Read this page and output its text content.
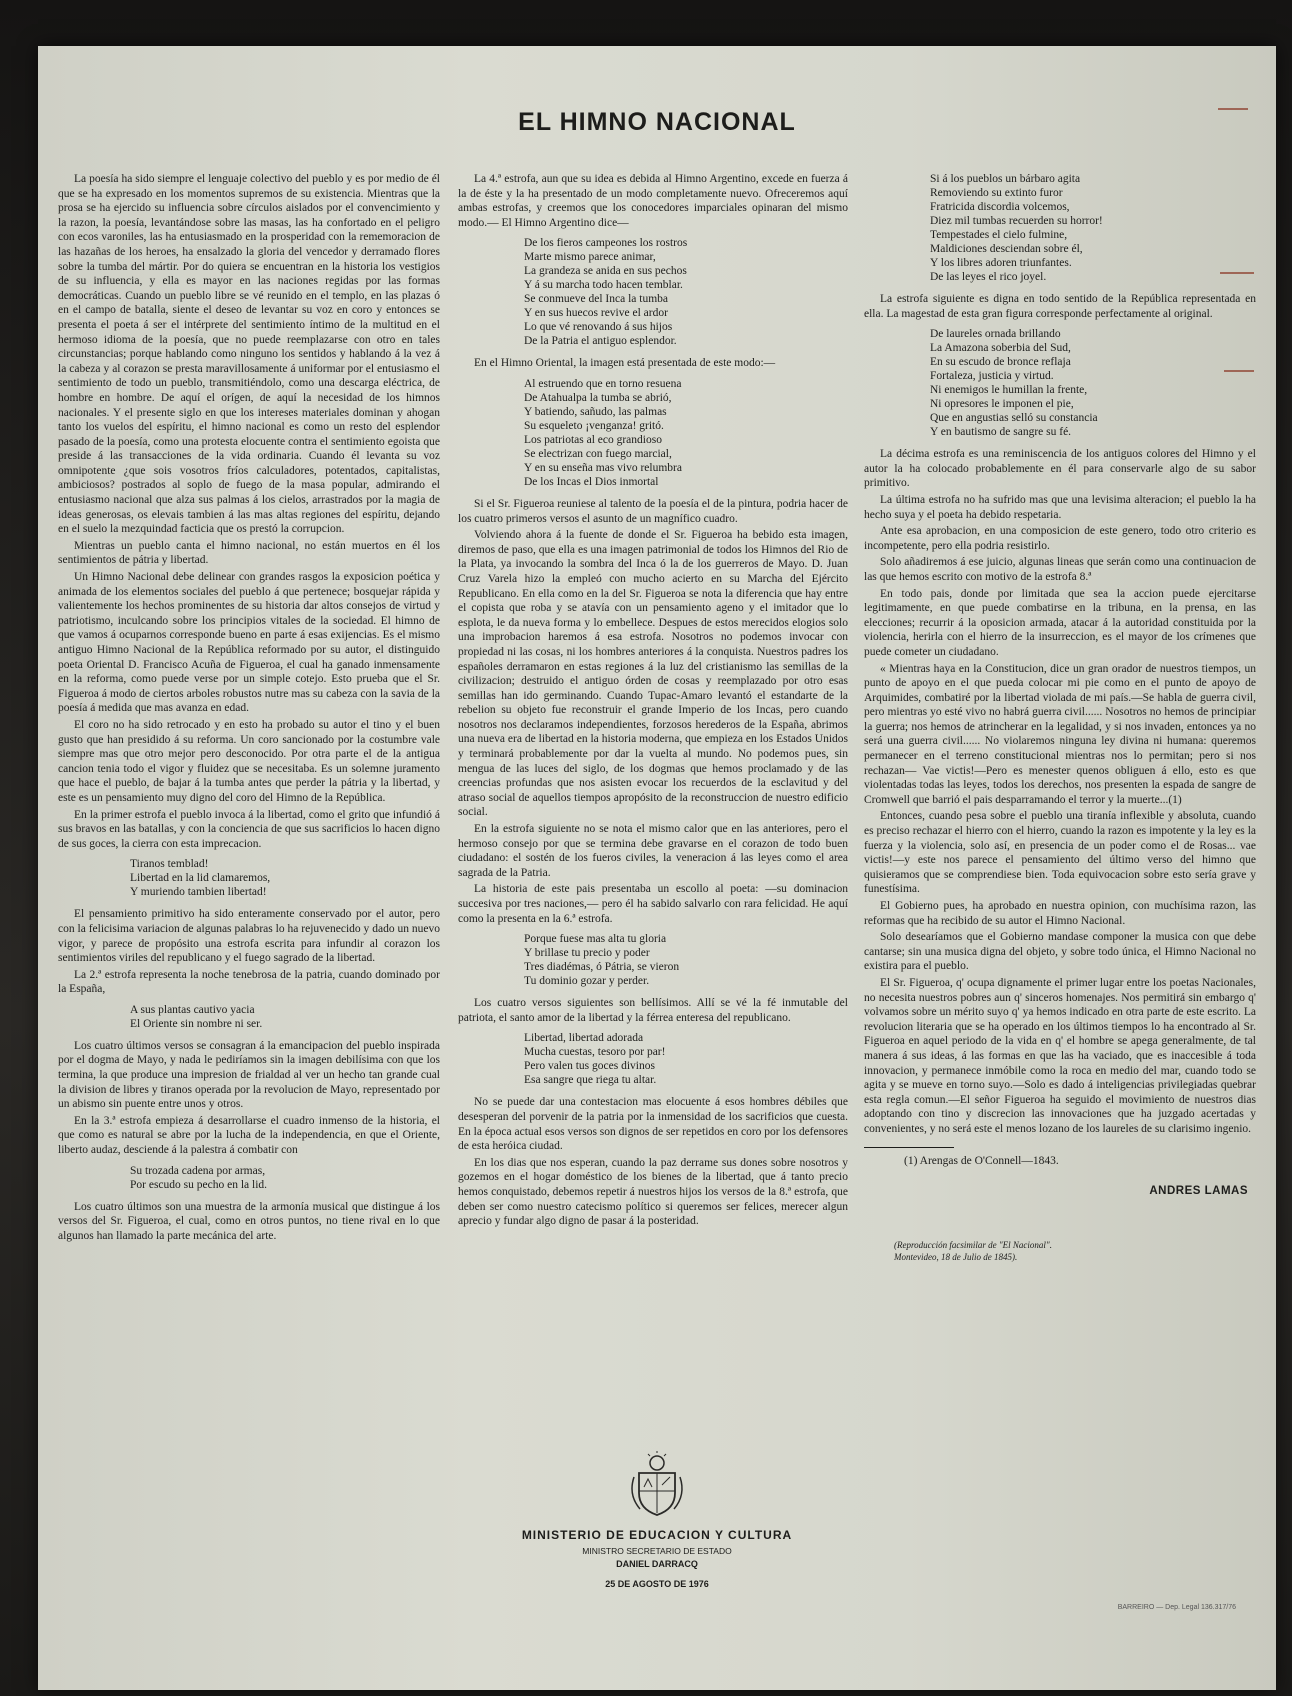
EL HIMNO NACIONAL

La poesía ha sido siempre el lenguaje colectivo del pueblo y es por medio de él que se ha expresado en los momentos supremos de su existencia. Mientras que la prosa se ha ejercido su influencia sobre círculos aislados por el convencimiento y la razon, la poesía, levantándose sobre las masas, las ha confortado en el peligro con ecos varoniles, las ha entusiasmado en la prosperidad con la rememoracion de las hazañas de los heroes, ha ensalzado la gloria del vencedor y derramado flores sobre la tumba del mártir. Por do quiera se encuentran en la historia los vestigios de su influencia, y ella es mayor en las naciones regidas por las formas democráticas. Cuando un pueblo libre se vé reunido en el templo, en las plazas ó en el campo de batalla, siente el deseo de levantar su voz en coro y entonces se presenta el poeta á ser el intérprete del sentimiento íntimo de la multitud en el hermoso idioma de la poesía, que no puede reemplazarse con otro en tales circunstancias; porque hablando como ninguno los sentidos y hablando á la vez á la cabeza y al corazon se presta maravillosamente á uniformar por el entusiasmo el sentimiento de todo un pueblo, transmitiéndolo, como una descarga eléctrica, de hombre en hombre. De aquí el orígen, de aquí la necesidad de los himnos nacionales. Y el presente siglo en que los intereses materiales dominan y ahogan tanto los vuelos del espíritu, el himno nacional es como un resto del esplendor pasado de la poesía, como una protesta elocuente contra el sentimiento egoista que preside á las transacciones de la vida ordinaria. Cuando él levanta su voz omnipotente ¿que sois vosotros fríos calculadores, potentados, capitalistas, ambiciosos? postrados al soplo de fuego de la masa popular, admirando el entusiasmo nacional que alza sus palmas á los cielos, arrastrados por la magia de ideas generosas, os elevais tambien á las mas altas regiones del espíritu, dejando en el suelo la mezquindad facticia que os prestó la corrupcion.

Mientras un pueblo canta el himno nacional, no están muertos en él los sentimientos de pátria y libertad.

Un Himno Nacional debe delinear con grandes rasgos la exposicion poética y animada de los elementos sociales del pueblo á que pertenece; bosquejar rápida y valientemente los hechos prominentes de su historia dar altos consejos de virtud y patriotismo, inculcando sobre los principios vitales de la sociedad. El himno de que vamos á ocuparnos corresponde bueno en parte á esas exijencias. Es el mismo antiguo Himno Nacional de la República reformado por su autor, el distinguido poeta Oriental D. Francisco Acuña de Figueroa, el cual ha ganado inmensamente en la reforma, como puede verse por un simple cotejo. Esto prueba que el Sr. Figueroa á modo de ciertos arboles robustos nutre mas su cabeza con la savia de la poesía á medida que mas avanza en edad.

El coro no ha sido retrocado y en esto ha probado su autor el tino y el buen gusto que han presidido á su reforma. Un coro sancionado por la costumbre vale siempre mas que otro mejor pero desconocido. Por otra parte el de la antigua cancion tenia todo el vigor y fluidez que se necesitaba. Es un solemne juramento que hace el pueblo, de bajar á la tumba antes que perder la pátria y la libertad, y este es un pensamiento muy digno del coro del Himno de la República.

En la primer estrofa el pueblo invoca á la libertad, como el grito que infundió á sus bravos en las batallas, y con la conciencia de que sus sacrificios lo hacen digno de sus goces, la cierra con esta imprecacion.

Tiranos temblad!
Libertad en la lid clamaremos,
Y muriendo tambien libertad!

El pensamiento primitivo ha sido enteramente conservado por el autor, pero con la felicisima variacion de algunas palabras lo ha rejuvenecido y dado un nuevo vigor, y parece de propósito una estrofa escrita para infundir al corazon los sentimientos viriles del republicano y el fuego sagrado de la libertad.

La 2.ª estrofa representa la noche tenebrosa de la patria, cuando dominado por la España,

A sus plantas cautivo yacia
El Oriente sin nombre ni ser.

Los cuatro últimos versos se consagran á la emancipacion del pueblo inspirada por el dogma de Mayo, y nada le pediríamos sin la imagen debilísima con que los termina, la que produce una impresion de frialdad al ver un hecho tan grande cual la division de libres y tiranos operada por la revolucion de Mayo, representado por un abismo sin puente entre unos y otros.

En la 3.ª estrofa empieza á desarrollarse el cuadro inmenso de la historia, el que como es natural se abre por la lucha de la independencia, en que el Oriente, liberto audaz, desciende á la palestra á combatir con

Su trozada cadena por armas,
Por escudo su pecho en la lid.

Los cuatro últimos son una muestra de la armonía musical que distingue á los versos del Sr. Figueroa, el cual, como en otros puntos, no tiene rival en lo que algunos han llamado la parte mecánica del arte.

La 4.ª estrofa, aun que su idea es debida al Himno Argentino, excede en fuerza á la de éste y la ha presentado de un modo completamente nuevo. Ofreceremos aquí ambas estrofas, y creemos que los conocedores imparciales opinaran del mismo modo.— El Himno Argentino dice—

De los fieros campeones los rostros
Marte mismo parece animar,
La grandeza se anida en sus pechos
Y á su marcha todo hacen temblar.
Se conmueve del Inca la tumba
Y en sus huecos revive el ardor
Lo que vé renovando á sus hijos
De la Patria el antiguo esplendor.

En el Himno Oriental, la imagen está presentada de este modo:—

Al estruendo que en torno resuena
De Atahualpa la tumba se abrió,
Y batiendo, sañudo, las palmas
Su esqueleto ¡venganza! gritó.
Los patriotas al eco grandioso
Se electrizan con fuego marcial,
Y en su enseña mas vivo relumbra
De los Incas el Dios inmortal

Si el Sr. Figueroa reuniese al talento de la poesía el de la pintura, podria hacer de los cuatro primeros versos el asunto de un magnífico cuadro.

Volviendo ahora á la fuente de donde el Sr. Figueroa ha bebido esta imagen, diremos de paso, que ella es una imagen patrimonial de todos los Himnos del Rio de la Plata, ya invocando la sombra del Inca ó la de los guerreros de Mayo. D. Juan Cruz Varela hizo la empleó con mucho acierto en su Marcha del Ejército Republicano. En ella como en la del Sr. Figueroa se nota la diferencia que hay entre el copista que roba y se atavía con un pensamiento ageno y el imitador que lo esplota, le da nueva forma y lo embellece. Despues de estos merecidos elogios solo una improbacion haremos á esa estrofa. Nosotros no podemos invocar con propiedad ni las cosas, ni los hombres anteriores á la conquista. Nuestros padres los españoles derramaron en estas regiones á la luz del cristianismo las semillas de la civilizacion; destruido el antiguo órden de cosas y reemplazado por otro esas semillas han ido germinando. Cuando Tupac-Amaro levantó el estandarte de la rebelion su objeto fue reconstruir el grande Imperio de los Incas, pero cuando nosotros nos declaramos independientes, forzosos herederos de la España, abrimos una nueva era de libertad en la historia moderna, que empieza en los Estados Unidos y terminará probablemente por dar la vuelta al mundo. No podemos pues, sin mengua de las luces del siglo, de los dogmas que hemos proclamado y de las creencias profundas que nos asisten evocar los recuerdos de la esclavitud y del atraso social de aquellos tiempos apropósito de la reconstruccion de nuestro edificio social.

En la estrofa siguiente no se nota el mismo calor que en las anteriores, pero el hermoso consejo por que se termina debe gravarse en el corazon de todo buen ciudadano: el sostén de los fueros civiles, la veneracion á las leyes como el area sagrada de la Patria.

La historia de este pais presentaba un escollo al poeta: —su dominacion succesiva por tres naciones,— pero él ha sabido salvarlo con rara felicidad. He aquí como la presenta en la 6.ª estrofa.

Porque fuese mas alta tu gloria
Y brillase tu precio y poder
Tres diadémas, ó Pátria, se vieron
Tu dominio gozar y perder.

Los cuatro versos siguientes son bellísimos. Allí se vé la fé inmutable del patriota, el santo amor de la libertad y la férrea enteresa del republicano.

Libertad, libertad adorada
Mucha cuestas, tesoro por par!
Pero valen tus goces divinos
Esa sangre que riega tu altar.

No se puede dar una contestacion mas elocuente á esos hombres débiles que desesperan del porvenir de la patria por la inmensidad de los sacrificios que cuesta. En la época actual esos versos son dignos de ser repetidos en coro por los defensores de esta heróica ciudad.

En los dias que nos esperan, cuando la paz derrame sus dones sobre nosotros y gozemos en el hogar doméstico de los bienes de la libertad, que á tanto precio hemos conquistado, debemos repetir á nuestros hijos los versos de la 8.ª estrofa, que deben ser como nuestro catecismo político si queremos ser felices, merecer algun aprecio y fundar algo digno de pasar á la posteridad.

Si á los pueblos un bárbaro agita
Removiendo su extinto furor
Fratricida discordia volcemos,
Diez mil tumbas recuerden su horror!
Tempestades el cielo fulmine,
Maldiciones desciendan sobre él,
Y los libres adoren triunfantes.
De las leyes el rico joyel.

La estrofa siguiente es digna en todo sentido de la República representada en ella. La magestad de esta gran figura corresponde perfectamente al original.

De laureles ornada brillando
La Amazona soberbia del Sud,
En su escudo de bronce reflaja
Fortaleza, justicia y virtud.
Ni enemigos le humillan la frente,
Ni opresores le imponen el pie,
Que en angustias selló su constancia
Y en bautismo de sangre su fé.

La décima estrofa es una reminiscencia de los antiguos colores del Himno y el autor la ha colocado probablemente en él para conservarle algo de su sabor primitivo.

La última estrofa no ha sufrido mas que una levisima alteracion; el pueblo la ha hecho suya y el poeta ha debido respetaria.

Ante esa aprobacion, en una composicion de este genero, todo otro criterio es incompetente, pero ella podria resistirlo.

Solo añadiremos á ese juicio, algunas lineas que serán como una continuacion de las que hemos escrito con motivo de la estrofa 8.ª

En todo pais, donde por limitada que sea la accion puede ejercitarse legitimamente, en que puede combatirse en la tribuna, en la prensa, en las elecciones; recurrir á la oposicion armada, atacar á la autoridad constituida por la violencia, herirla con el hierro de la insurreccion, es el mayor de los crímenes que puede cometer un ciudadano.

« Mientras haya en la Constitucion, dice un gran orador de nuestros tiempos, un punto de apoyo en el que pueda colocar mi pie como en el punto de apoyo de Arquimides, combatiré por la libertad violada de mi país.—Se habla de guerra civil, pero mientras yo esté vivo no habrá guerra civil...... Nosotros no hemos de principiar la guerra; nos hemos de atrincherar en la legalidad, y si nos invaden, entonces ya no será una guerra civil...... No violaremos ninguna ley divina ni humana: queremos permanecer en el terreno constitucional mientras nos lo permitan; pero si nos rechazan— Vae victis!—Pero es menester quenos obliguen á ello, esto es que violentadas todas las leyes, todos los derechos, nos presenten la espada de sangre de Cromwell que barrió el pais desparramando el terror y la muerte...(1)

Entonces, cuando pesa sobre el pueblo una tiranía inflexible y absoluta, cuando es preciso rechazar el hierro con el hierro, cuando la razon es impotente y la ley es la fuerza y la violencia, solo así, en presencia de un poder como el de Rosas... vae victis!—y este nos parece el pensamiento del último verso del himno que quisieramos que se comprendiese bien. Toda equivocacion sobre esto sería grave y funestísima.

El Gobierno pues, ha aprobado en nuestra opinion, con muchísima razon, las reformas que ha recibido de su autor el Himno Nacional.

Solo desearíamos que el Gobierno mandase componer la musica con que debe cantarse; sin una musica digna del objeto, y sobre todo única, el Himno Nacional no existira para el pueblo.

El Sr. Figueroa, q' ocupa dignamente el primer lugar entre los poetas Nacionales, no necesita nuestros pobres aun q' sinceros homenajes. Nos permitirá sin embargo q' volvamos sobre un mérito suyo q' ya hemos indicado en otra parte de este escrito. La revolucion literaria que se ha operado en los últimos tiempos lo ha encontrado al Sr. Figueroa en aquel periodo de la vida en q' el hombre se apega generalmente, de tal manera á sus ideas, á las formas en que las ha vaciado, que es inaccesible á toda innovacion, y permanece inmóbile como la roca en medio del mar, cuando todo se agita y se mueve en torno suyo.—Solo es dado á inteligencias privilegiadas quebrar esta regla comun.—El señor Figueroa ha seguido el movimiento de nuestros dias adoptando con tino y discrecion las innovaciones que ha juzgado acertadas y convenientes, y no será este el menos lozano de los laureles de su clarisimo ingenio.

(1) Arengas de O'Connell—1843.
ANDRES LAMAS
(Reproducción facsimilar de "El Nacional".
Montevideo, 18 de Julio de 1845).
MINISTERIO DE EDUCACION Y CULTURA
MINISTRO SECRETARIO DE ESTADO
DANIEL DARRACQ
25 DE AGOSTO DE 1976
BARREIRO — Dep. Legal 136.317/76
